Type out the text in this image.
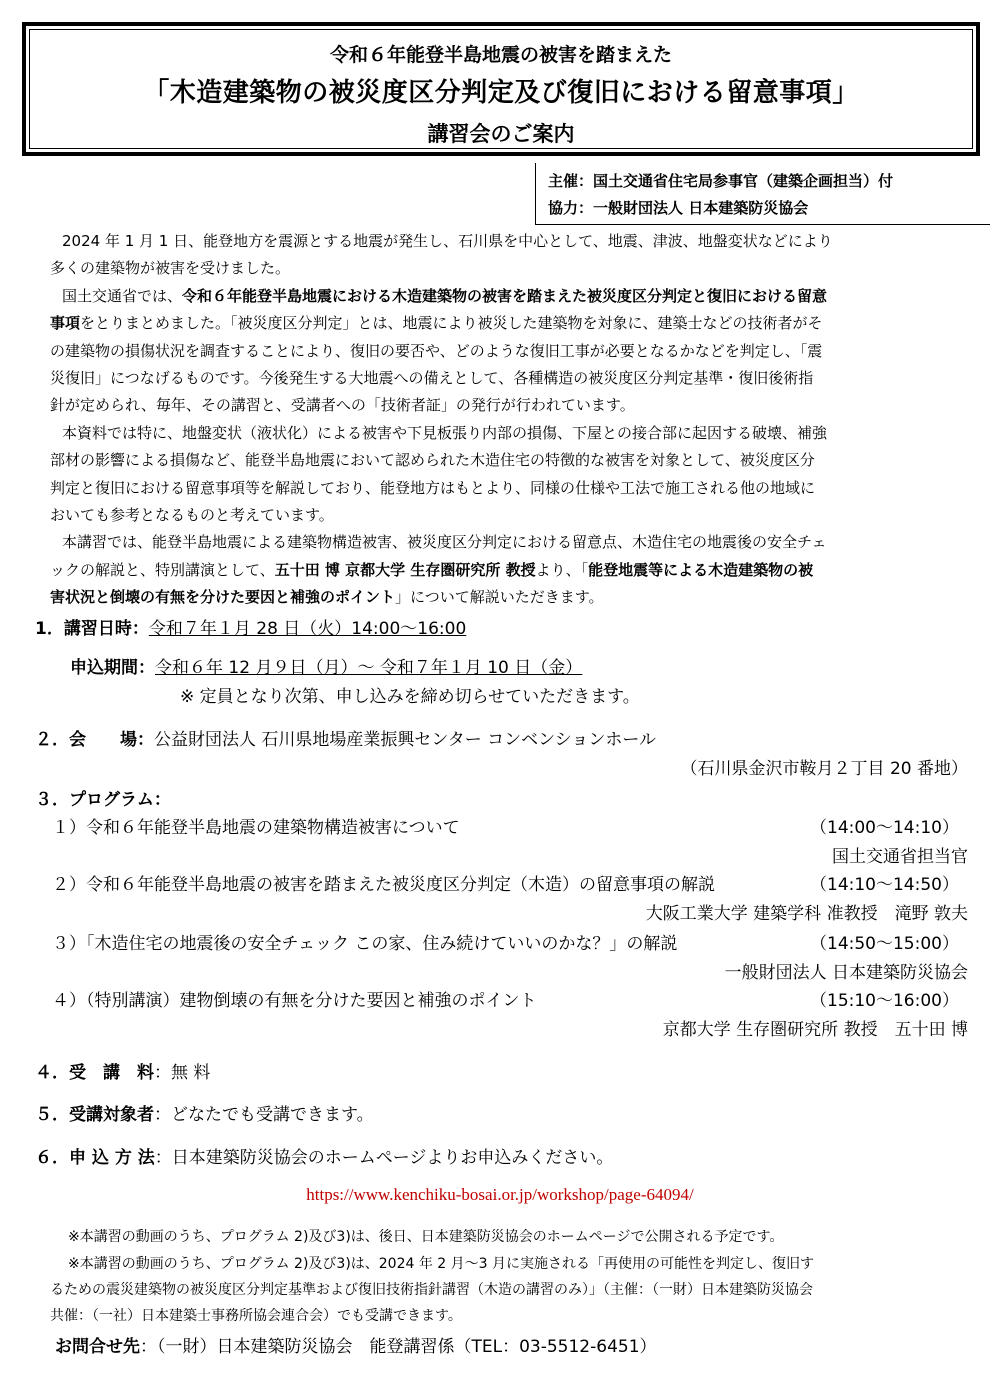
令和６年能登半島地震の被害を踏まえた
「木造建築物の被災度区分判定及び復旧における留意事項」
講習会のご案内
主催：国土交通省住宅局参事官（建築企画担当）付
協力：一般財団法人 日本建築防災協会
2024 年 1 月 1 日、能登地方を震源とする地震が発生し、石川県を中心として、地震、津波、地盤変状などにより
多くの建築物が被害を受けました。
国土交通省では、令和６年能登半島地震における木造建築物の被害を踏まえた被災度区分判定と復旧における留意
事項をとりまとめました。「被災度区分判定」とは、地震により被災した建築物を対象に、建築士などの技術者がそ
の建築物の損傷状況を調査することにより、復旧の要否や、どのような復旧工事が必要となるかなどを判定し、「震
災復旧」につなげるものです。今後発生する大地震への備えとして、各種構造の被災度区分判定基準・復旧後術指
針が定められ、毎年、その講習と、受講者への「技術者証」の発行が行われています。
本資料では特に、地盤変状（液状化）による被害や下見板張り内部の損傷、下屋との接合部に起因する破壊、補強
部材の影響による損傷など、能登半島地震において認められた木造住宅の特徴的な被害を対象として、被災度区分
判定と復旧における留意事項等を解説しており、能登地方はもとより、同様の仕様や工法で施工される他の地域に
おいても参考となるものと考えています。
本講習では、能登半島地震による建築物構造被害、被災度区分判定における留意点、木造住宅の地震後の安全チェ
ックの解説と、特別講演として、五十田 博 京都大学 生存圏研究所 教授より、「能登地震等による木造建築物の被
害状況と倒壊の有無を分けた要因と補強のポイント」について解説いただきます。
1．講習日時：令和７年１月 28 日（火）14:00～16:00
申込期間：令和６年 12 月９日（月）～ 令和７年１月 10 日（金）
※ 定員となり次第、申し込みを締め切らせていただきます。
２．会　　場：公益財団法人 石川県地場産業振興センター コンベンションホール
（石川県金沢市鞍月２丁目 20 番地）
３．プログラム：
１）令和６年能登半島地震の建築物構造被害について	（14:00～14:10）
国土交通省担当官
２）令和６年能登半島地震の被害を踏まえた被災度区分判定（木造）の留意事項の解説	（14:10～14:50）
大阪工業大学 建築学科 准教授　滝野 敦夫
３）「木造住宅の地震後の安全チェック この家、住み続けていいのかな？」の解説	（14:50～15:00）
一般財団法人 日本建築防災協会
４）（特別講演）建物倒壊の有無を分けた要因と補強のポイント	（15:10～16:00）
京都大学 生存圏研究所 教授　五十田 博
４．受　講　料：無 料
５．受講対象者：どなたでも受講できます。
６．申 込 方 法：日本建築防災協会のホームページよりお申込みください。
https://www.kenchiku-bosai.or.jp/workshop/page-64094/
※本講習の動画のうち、プログラム 2)及び3)は、後日、日本建築防災協会のホームページで公開される予定です。
※本講習の動画のうち、プログラム 2)及び3)は、2024 年 2 月～3 月に実施される「再使用の可能性を判定し、復旧す
るための震災建築物の被災度区分判定基準および復旧技術指針講習（木造の講習のみ）」（主催：（一財）日本建築防災協会
共催：（一社）日本建築士事務所協会連合会）でも受講できます。
お問合せ先：（一財）日本建築防災協会　能登講習係（TEL：03-5512-6451）
